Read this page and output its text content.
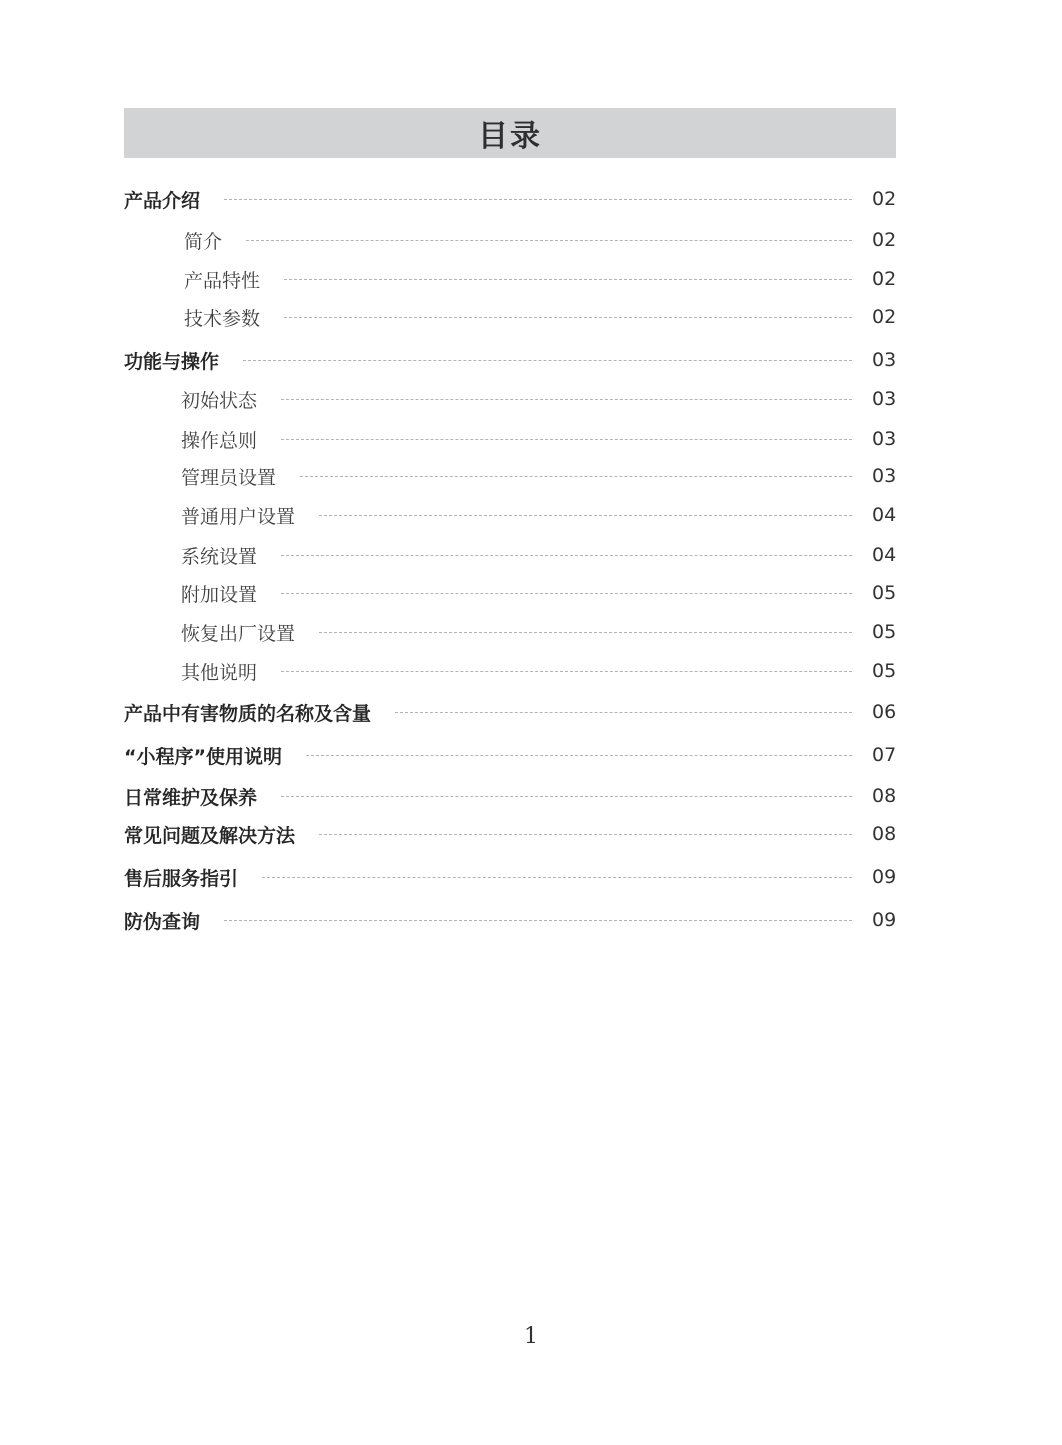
目录
产品介绍	02
简介	02
产品特性	02
技术参数	02
功能与操作	03
初始状态	03
操作总则	03
管理员设置	03
普通用户设置	04
系统设置	04
附加设置	05
恢复出厂设置	05
其他说明	05
产品中有害物质的名称及含量	06
“小程序”使用说明	07
日常维护及保养	08
常见问题及解决方法	08
售后服务指引	09
防伪查询	09
1
